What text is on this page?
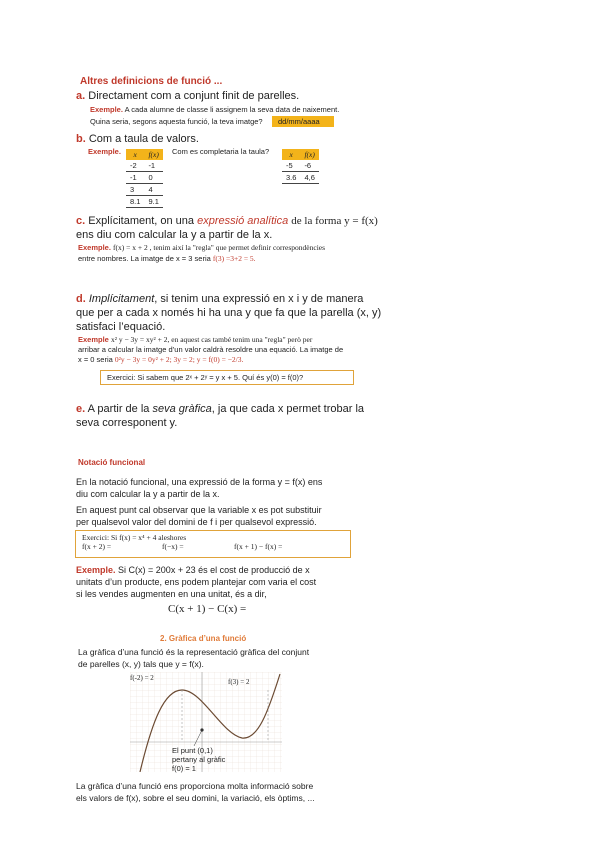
Altres definicions de funció ...
a. Directament com a conjunt finit de parelles.
Exemple. A cada alumne de classe li assignem la seva data de naixement.
Quina seria, segons aquesta funció, la teva imatge?	dd/mm/aaaa
b. Com a taula de valors.
Exemple. x	f(x)
-2	-1
-1	0
3	4
8.1	9.1
Com es completaria la taula?	x	f(x)
-5	-6
3.6	4,6
c. Explícitament, on una expressió analítica de la forma y = f(x)
ens diu com calcular la y a partir de la x.
Exemple. f(x) = x + 2 , tenim així la "regla" que permet definir correspondències
entre nombres. La imatge de x = 3 seria f(3) =3+2 = 5.
d. Implícitament, si tenim una expressió en x i y de manera
que per a cada x només hi ha una y que fa que la parella (x, y)
satisfaci l’equació.
Exemple x² y − 3y = xy² + 2, en aquest cas també tenim una "regla" però per
arribar a calcular la imatge d’un valor caldrà resoldre una equació. La imatge de
x = 0 seria 0²y − 3y = 0y² + 2; 3y = 2; y = f(0) = −2/3.
Exercici: Si sabem que 2ˣ + 2ʸ = y x + 5. Quí és y(0) = f(0)?
e. A partir de la seva gràfica, ja que cada x permet trobar la
seva corresponent y.
Notació funcional
En la notació funcional, una expressió de la forma y = f(x) ens
diu com calcular la y a partir de la x.
En aquest punt cal observar que la variable x es pot substituir
per qualsevol valor del domini de f i per qualsevol expressió.
Exercici: Si f(x) = x⁴ + 4 aleshores
f(x + 2) =	f(−x) =	f(x + 1) − f(x) =
Exemple. Si C(x) = 200x + 23 és el cost de producció de x
unitats d’un producte, ens podem plantejar com varia el cost
si les vendes augmenten en una unitat, és a dir,
C(x + 1) − C(x) =
2. Gràfica d’una funció
La gràfica d’una funció és la representació gràfica del conjunt
de parelles (x, y) tals que y = f(x).
f(-2) = 2	f(3) = 2
El punt (0,1)
pertany al gràfic
f(0) = 1
La gràfica d’una funció ens proporciona molta informació sobre
els valors de f(x), sobre el seu domini, la variació, els òptims, ...
